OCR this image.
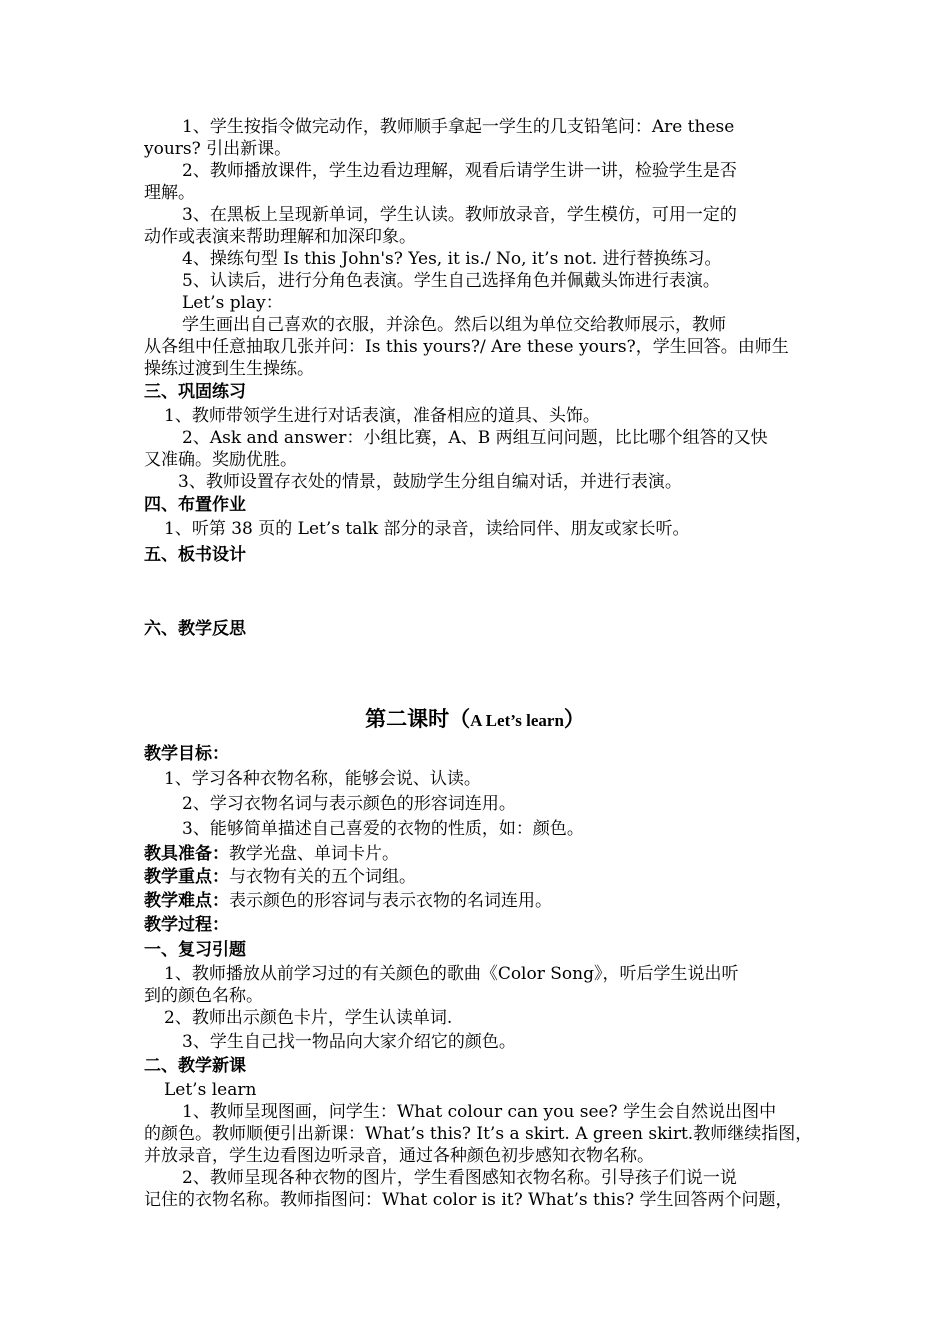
1、学生按指令做完动作，教师顺手拿起一学生的几支铅笔问：Are these
yours? 引出新课。
2、教师播放课件，学生边看边理解，观看后请学生讲一讲，检验学生是否
理解。
3、在黑板上呈现新单词，学生认读。教师放录音，学生模仿，可用一定的
动作或表演来帮助理解和加深印象。
4、操练句型 Is this John's? Yes, it is./ No, it’s not. 进行替换练习。
5、认读后，进行分角色表演。学生自己选择角色并佩戴头饰进行表演。
Let’s play：
学生画出自己喜欢的衣服，并涂色。然后以组为单位交给教师展示，教师
从各组中任意抽取几张并问：Is this yours?/ Are these yours?，学生回答。由师生
操练过渡到生生操练。
三、巩固练习
1、教师带领学生进行对话表演，准备相应的道具、头饰。
2、Ask and answer：小组比赛，A、B 两组互问问题，比比哪个组答的又快
又准确。奖励优胜。
3、教师设置存衣处的情景，鼓励学生分组自编对话，并进行表演。
四、布置作业
1、听第 38 页的 Let’s talk 部分的录音，读给同伴、朋友或家长听。
五、板书设计
六、教学反思
第二课时（A Let’s learn）
教学目标：
1、学习各种衣物名称，能够会说、认读。
2、学习衣物名词与表示颜色的形容词连用。
3、能够简单描述自己喜爱的衣物的性质，如：颜色。
教具准备：教学光盘、单词卡片。
教学重点：与衣物有关的五个词组。
教学难点：表示颜色的形容词与表示衣物的名词连用。
教学过程：
一、复习引题
1、教师播放从前学习过的有关颜色的歌曲《Color Song》，听后学生说出听
到的颜色名称。
2、教师出示颜色卡片，学生认读单词.
3、学生自己找一物品向大家介绍它的颜色。
二、教学新课
Let’s learn
1、教师呈现图画，问学生：What colour can you see? 学生会自然说出图中
的颜色。教师顺便引出新课：What’s this? It’s a skirt. A green skirt.教师继续指图，
并放录音，学生边看图边听录音，通过各种颜色初步感知衣物名称。
2、教师呈现各种衣物的图片，学生看图感知衣物名称。引导孩子们说一说
记住的衣物名称。教师指图问：What color is it? What’s this? 学生回答两个问题，
